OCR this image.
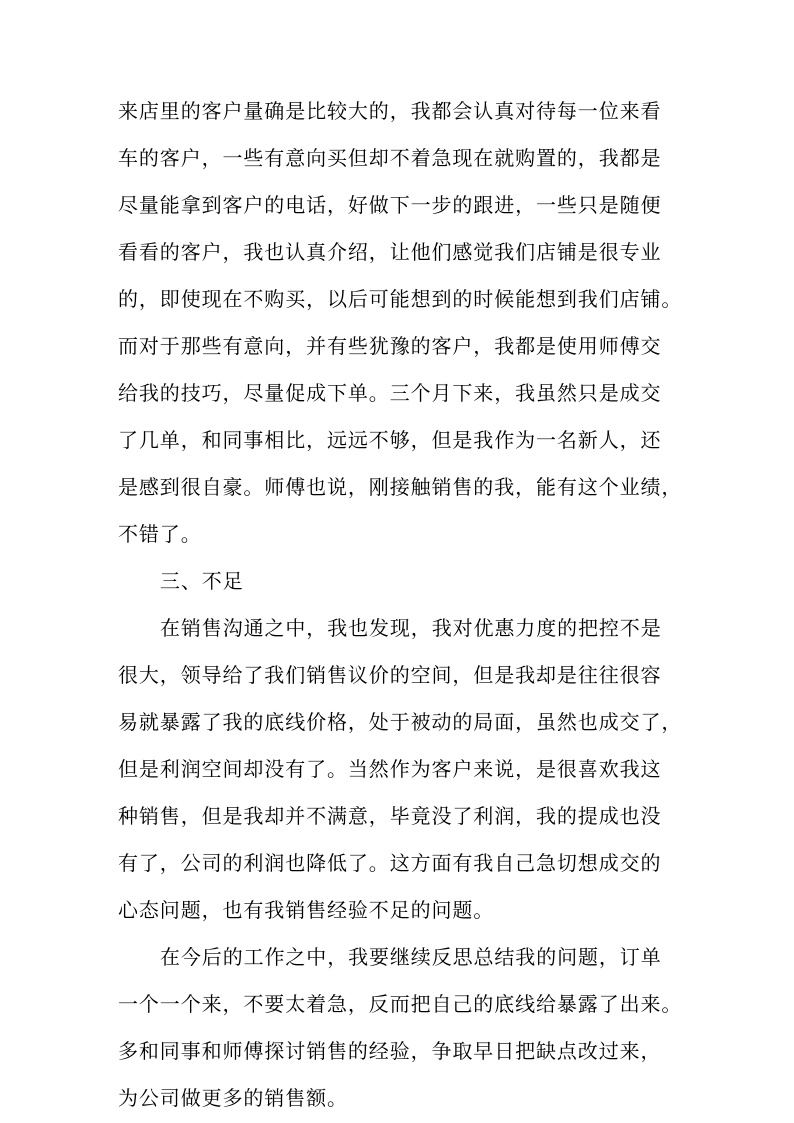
来店里的客户量确是比较大的，我都会认真对待每一位来看
车的客户，一些有意向买但却不着急现在就购置的，我都是
尽量能拿到客户的电话，好做下一步的跟进，一些只是随便
看看的客户，我也认真介绍，让他们感觉我们店铺是很专业
的，即使现在不购买，以后可能想到的时候能想到我们店铺。
而对于那些有意向，并有些犹豫的客户，我都是使用师傅交
给我的技巧，尽量促成下单。三个月下来，我虽然只是成交
了几单，和同事相比，远远不够，但是我作为一名新人，还
是感到很自豪。师傅也说，刚接触销售的我，能有这个业绩，
不错了。
三、不足
在销售沟通之中，我也发现，我对优惠力度的把控不是
很大，领导给了我们销售议价的空间，但是我却是往往很容
易就暴露了我的底线价格，处于被动的局面，虽然也成交了，
但是利润空间却没有了。当然作为客户来说，是很喜欢我这
种销售，但是我却并不满意，毕竟没了利润，我的提成也没
有了，公司的利润也降低了。这方面有我自己急切想成交的
心态问题，也有我销售经验不足的问题。
在今后的工作之中，我要继续反思总结我的问题，订单
一个一个来，不要太着急，反而把自己的底线给暴露了出来。
多和同事和师傅探讨销售的经验，争取早日把缺点改过来，
为公司做更多的销售额。
